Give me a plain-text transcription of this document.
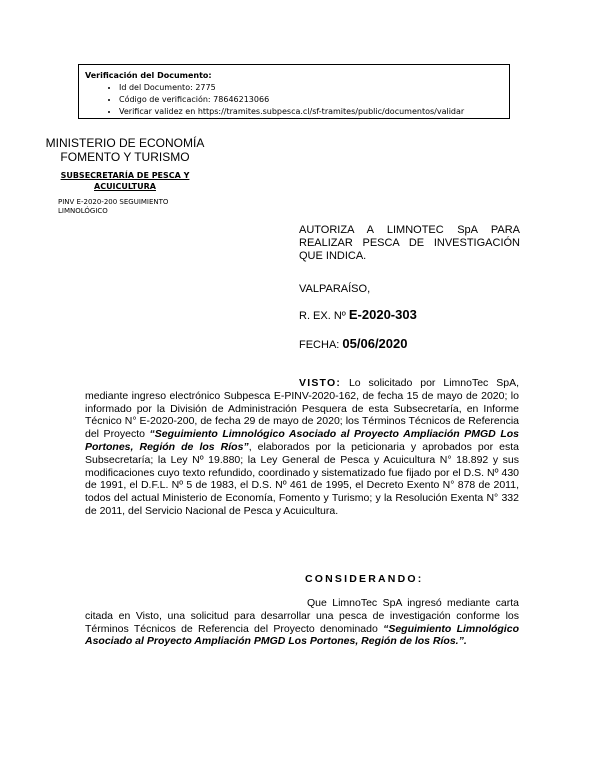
Verificación del Documento:
• Id del Documento: 2775
• Código de verificación: 78646213066
• Verificar validez en https://tramites.subpesca.cl/sf-tramites/public/documentos/validar
MINISTERIO DE ECONOMÍA
FOMENTO Y TURISMO
SUBSECRETARÍA DE PESCA Y ACUICULTURA
PINV E-2020-200 SEGUIMIENTO
LIMNOLÓGICO
AUTORIZA A LIMNOTEC SpA PARA REALIZAR PESCA DE INVESTIGACIÓN QUE INDICA.
VALPARAÍSO,
R. EX. Nº E-2020-303
FECHA: 05/06/2020
VISTO: Lo solicitado por LimnoTec SpA, mediante ingreso electrónico Subpesca E-PINV-2020-162, de fecha 15 de mayo de 2020; lo informado por la División de Administración Pesquera de esta Subsecretaría, en Informe Técnico N° E-2020-200, de fecha 29 de mayo de 2020; los Términos Técnicos de Referencia del Proyecto “Seguimiento Limnológico Asociado al Proyecto Ampliación PMGD Los Portones, Región de los Ríos”, elaborados por la peticionaria y aprobados por esta Subsecretaría; la Ley Nº 19.880; la Ley General de Pesca y Acuicultura N° 18.892 y sus modificaciones cuyo texto refundido, coordinado y sistematizado fue fijado por el D.S. Nº 430 de 1991, el D.F.L. Nº 5 de 1983, el D.S. Nº 461 de 1995, el Decreto Exento N° 878 de 2011, todos del actual Ministerio de Economía, Fomento y Turismo; y la Resolución Exenta N° 332 de 2011, del Servicio Nacional de Pesca y Acuicultura.
CONSIDERANDO:
Que LimnoTec SpA ingresó mediante carta citada en Visto, una solicitud para desarrollar una pesca de investigación conforme los Términos Técnicos de Referencia del Proyecto denominado “Seguimiento Limnológico Asociado al Proyecto Ampliación PMGD Los Portones, Región de los Ríos.”.
